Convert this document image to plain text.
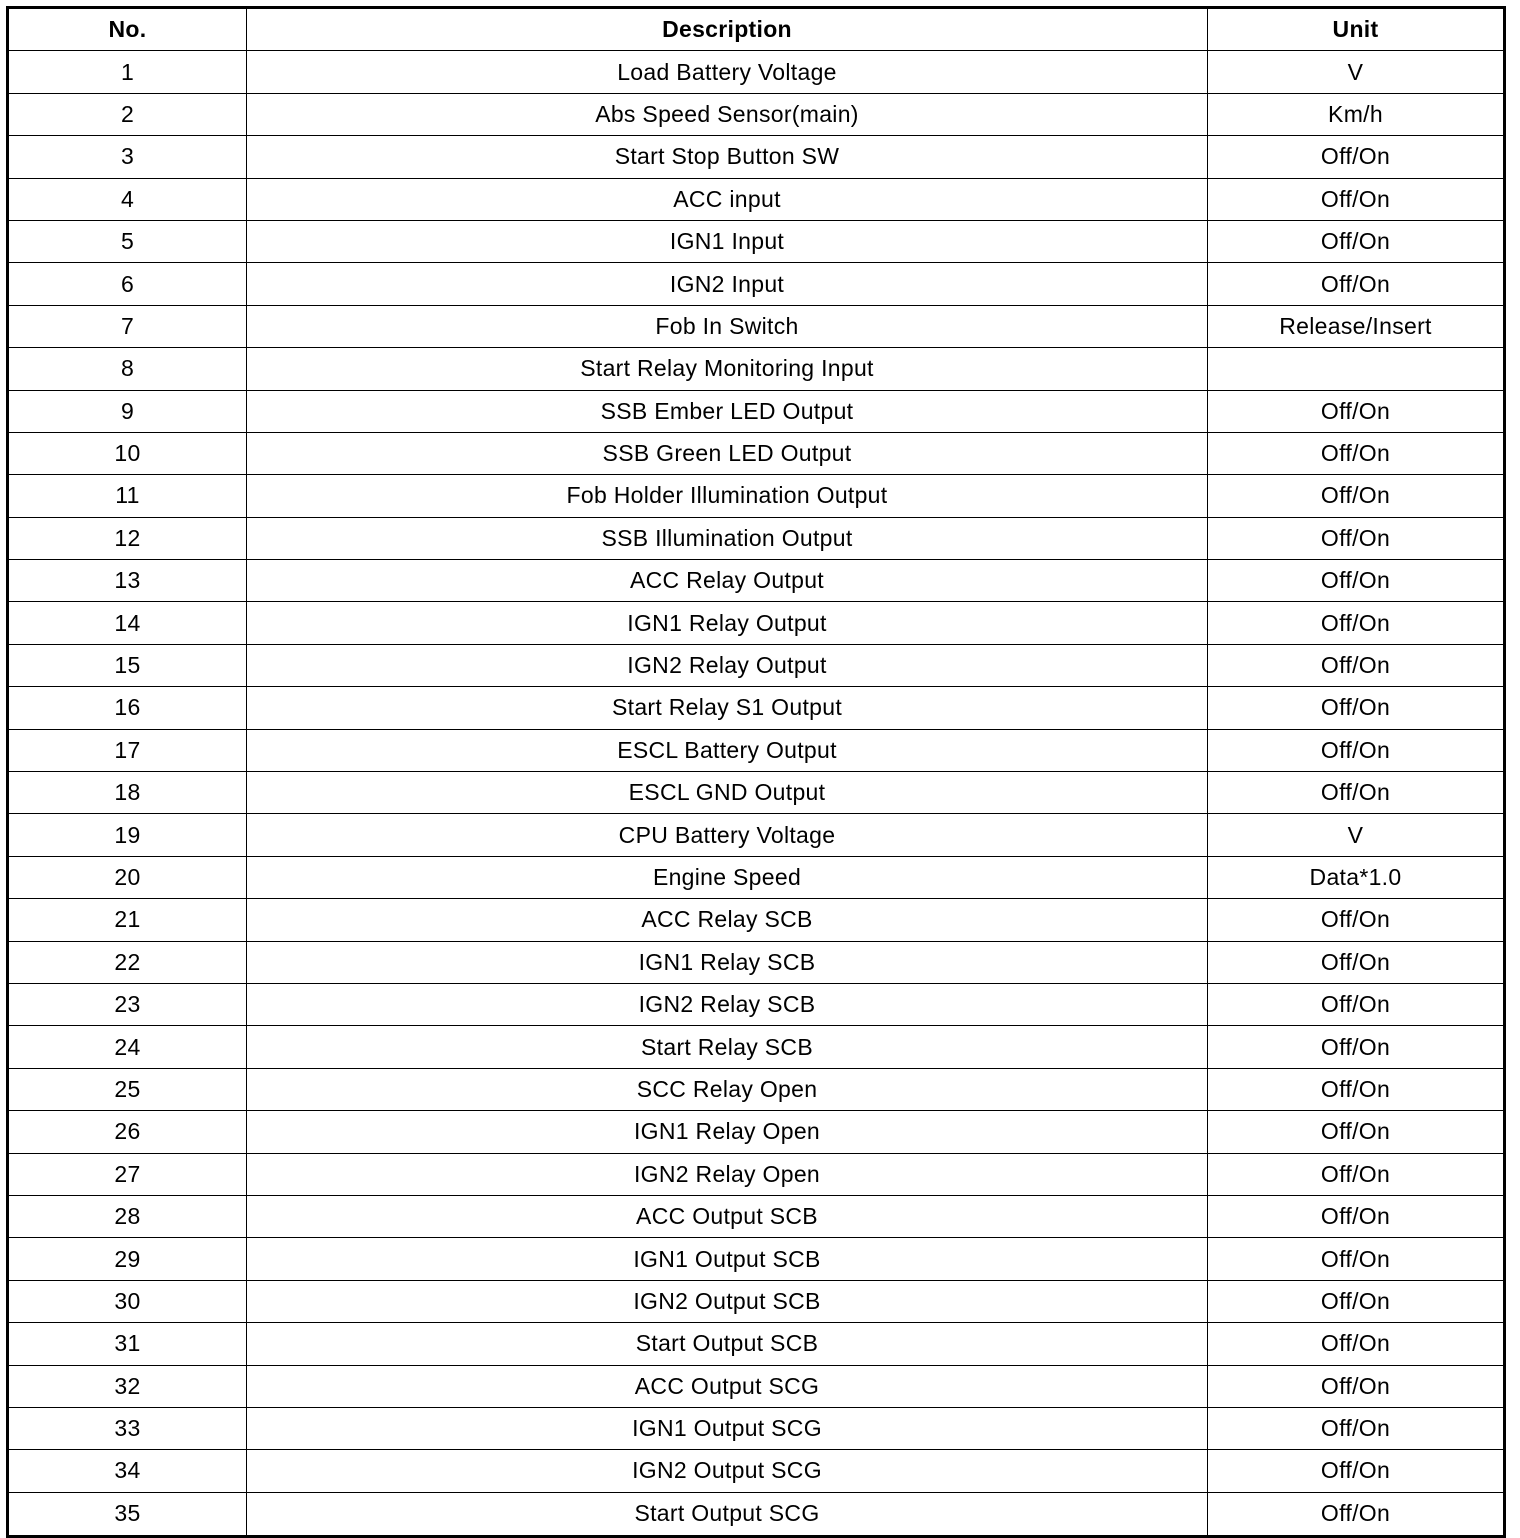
No.	Description	Unit
1	Load Battery Voltage	V
2	Abs Speed Sensor(main)	Km/h
3	Start Stop Button SW	Off/On
4	ACC input	Off/On
5	IGN1 Input	Off/On
6	IGN2 Input	Off/On
7	Fob In Switch	Release/Insert
8	Start Relay Monitoring Input
9	SSB Ember LED Output	Off/On
10	SSB Green LED Output	Off/On
11	Fob Holder Illumination Output	Off/On
12	SSB Illumination Output	Off/On
13	ACC Relay Output	Off/On
14	IGN1 Relay Output	Off/On
15	IGN2 Relay Output	Off/On
16	Start Relay S1 Output	Off/On
17	ESCL Battery Output	Off/On
18	ESCL GND Output	Off/On
19	CPU Battery Voltage	V
20	Engine Speed	Data*1.0
21	ACC Relay SCB	Off/On
22	IGN1 Relay SCB	Off/On
23	IGN2 Relay SCB	Off/On
24	Start Relay SCB	Off/On
25	SCC Relay Open	Off/On
26	IGN1 Relay Open	Off/On
27	IGN2 Relay Open	Off/On
28	ACC Output SCB	Off/On
29	IGN1 Output SCB	Off/On
30	IGN2 Output SCB	Off/On
31	Start Output SCB	Off/On
32	ACC Output SCG	Off/On
33	IGN1 Output SCG	Off/On
34	IGN2 Output SCG	Off/On
35	Start Output SCG	Off/On
